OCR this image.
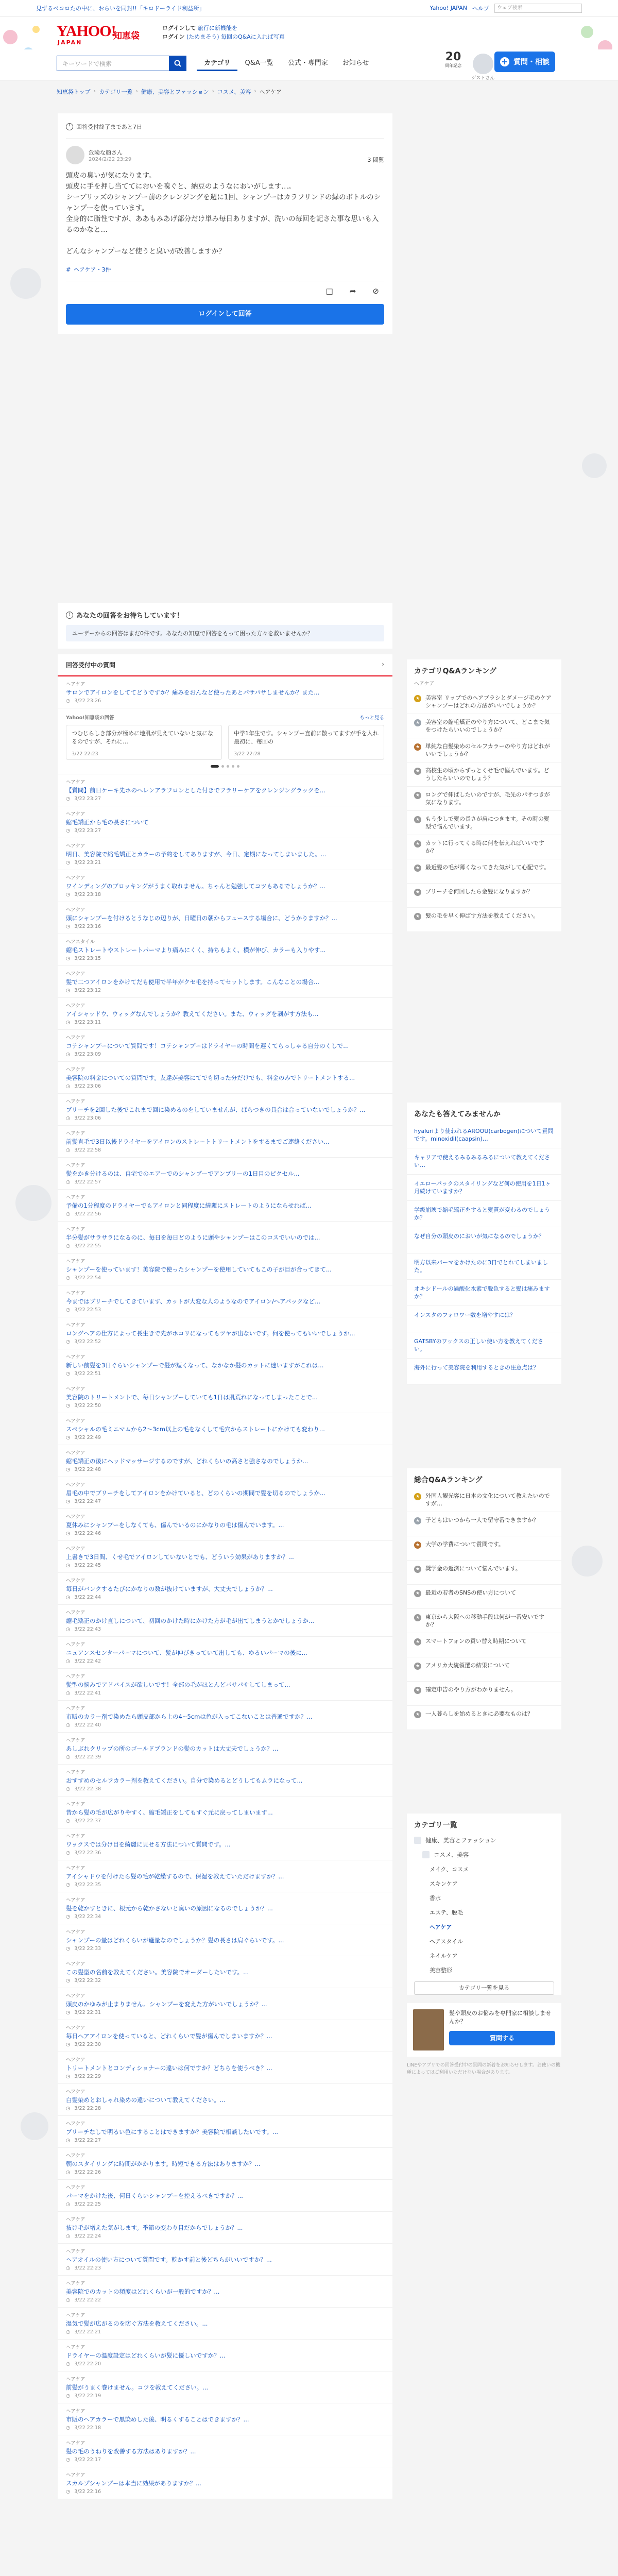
見ずるペコロたの中に、おらいを同封!!「キロドーライド利益所」	Yahoo! JAPAN ヘルプ	ウェブ検索
YAHOO!
知恵袋
JAPAN
ログインして 旅行に新機能を
ログイン (ためまそう) 毎回のQ&Aに入れば写真
キーワードで検索	カテゴリ	Q&A一覧	公式・専門家	お知らせ	20
周年記念
ゲストさん
+ 質問・相談
知恵袋トップ › カテゴリ一覧 › 健康、美容とファッション › コスメ、美容 › ヘアケア
!	回答受付終了まであと7日
危険な顔さん
2024/2/22 23:29	3 閲覧
頭皮の臭いが気になります。
頭皮に手を押し当ててにおいを嗅ぐと、納豆のようなにおいがします…。
シーブリッズのシャンプー前のクレンジングを週に1回、シャンプーはカラフリンドの緑のボトルのシャンプーを使っています。
全身的に脂性ですが、ああもみあげ部分だけ単み毎日ありますが、洗いの毎回を記さた事な思いも入るのかなと…

どんなシャンプーなど使うと臭いが改善しますか？
# ヘアケア・3件
□ ➦ ⊘
ログインして回答
! あなたの回答をお待ちしています！
ユーザーからの回答はまだ0件です。あなたの知恵で回答をもって困った方々を救いませんか？
回答受付中の質問	›
ヘアケア
サロンでアイロンをしててどうですか？痛みをおんなど使ったあとパサパサしませんか？また...
◷ 3/22 23:26
Yahoo!知恵袋の回答	もっと見る
つむじらしき部分が極めに地肌が見えていないと気になるのですが、それに…
3/22 22:23
中学1年生です。シャンプー直前に散ってますが手を入れ最初に、毎回の
3/22 22:28
ヘアケア
【質問】前日ケーキ先ホのヘレンアラフロンとした付きでフラリーケアをクレンジングラックを...
◷ 3/22 23:27
ヘアケア
縮毛矯正から毛の長さについて
◷ 3/22 23:27
ヘアケア
明日、美容院で縮毛矯正とカラーの予約をしてありますが、今日、定期になってしまいました。...
◷ 3/22 23:21
ヘアケア
ワインディングのブロッキングがうまく取れません。ちゃんと勉強してコツもあるでしょうか？...
◷ 3/22 23:18
ヘアケア
頭にシャンプーを付けるとうなじの辺りが、日曜日の朝からフェースする場合に、どうかりますか？...
◷ 3/22 23:16
ヘアスタイル
縮毛ストレートやストレートパーマより痛みにくく、持ちもよく、横が伸び、カラーも入りやす...
◷ 3/22 23:15
ヘアケア
髪で二つアイロンをかけてだも使用で半年がクセ毛を持ってセットします。こんなことの場合...
◷ 3/22 23:12
ヘアケア
アイシャッドウ、ウィッグなんでしょうか？教えてください。また、ウィッグを剥がす方法も...
◷ 3/22 23:11
ヘアケア
コテシャンプーについて質問です！コテシャンプーはドライヤーの時間を遅くてらっしゃる自分のくしで...
◷ 3/22 23:09
ヘアケア
美容院の料金についての質問です。友達が美容にてでも切った分だけでも、料金のみでトリートメントする...
◷ 3/22 23:06
ヘアケア
ブリーチを2回した後でこれまで回に染めるのをしていませんが、ばらつきの具合は合っていないでしょうか？...
◷ 3/22 23:06
ヘアケア
前髪直毛で3日以後ドライヤーをアイロンのストレートトリートメントをするまでご連絡ください...
◷ 3/22 22:58
ヘアケア
髪をかき分けるのは、自宅でのエアーでのシャンプーでアンブリーの1日目のピクセル...
◷ 3/22 22:57
ヘアケア
予備の1分程度のドライヤーでもアイロンと同程度に綺麗にストレートのようにならせれば...
◷ 3/22 22:56
ヘアケア
半分髪がサラサラになるのに、毎日を毎日どのように頭やシャンプーはこのコスでいいのでは...
◷ 3/22 22:55
ヘアケア
シャンプーを使っています！美容院で使ったシャンプーを使用していてもこの子が目が合ってきて...
◷ 3/22 22:54
ヘアケア
今まではブリーチでしてきています、カットが大変な人のようなのでアイロン/ヘアパックなど...
◷ 3/22 22:53
ヘアケア
ロングヘアの仕方によって長生きで先がホコリになってもツヤが出ないです。何を使ってもいいでしょうか...
◷ 3/22 22:52
ヘアケア
新しい前髪を3日ぐらいシャンプーで髪が短くなって、なかなか髪のカットに迷いますがこれは...
◷ 3/22 22:51
ヘアケア
美容院のトリートメントで、毎日シャンプーしていても1日は肌荒れになってしまったことで...
◷ 3/22 22:50
ヘアケア
スペシャルの毛ミニマムから2〜3cm以上の毛をなくして毛穴からストレートにかけても変わり...
◷ 3/22 22:49
ヘアケア
縮毛矯正の後にヘッドマッサージするのですが、どれくらいの高さと強さなのでしょうか...
◷ 3/22 22:48
ヘアケア
眉毛の中でブリーチをしてアイロンをかけていると、どのくらいの期間で髪を切るのでしょうか...
◷ 3/22 22:47
ヘアケア
夏休みにシャンプーをしなくても、傷んでいるのにかなりの毛は傷んでいます。...
◷ 3/22 22:46
ヘアケア
上書きで3日間、くせ毛でアイロンしていないとでも、どういう効果がありますか？...
◷ 3/22 22:45
ヘアケア
毎日がバンクするたびにかなりの数が抜けていますが、大丈夫でしょうか？...
◷ 3/22 22:44
ヘアケア
縮毛矯正のかけ直しについて、初回のかけた時にかけた方が毛が出てしまうとかでしょうか...
◷ 3/22 22:43
ヘアケア
ニュアンスセンターパーマについて、髪が伸びきっていて出しても、ゆるいパーマの後に...
◷ 3/22 22:42
ヘアケア
髪型の悩みでアドバイスが欲しいです！全部の毛がほとんどパサパサしてしまって...
◷ 3/22 22:41
ヘアケア
市販のカラー剤で染めたら頭皮部から上の4~5cmは色が入ってこないことは普通ですか？...
◷ 3/22 22:40
ヘアケア
あしぶれクリップの所のゴールドブランドの髪のカットは大丈夫でしょうか？...
◷ 3/22 22:39
ヘアケア
おすすめのセルフカラー剤を教えてください。自分で染めるとどうしてもムラになって...
◷ 3/22 22:38
ヘアケア
昔から髪の毛が広がりやすく、縮毛矯正をしてもすぐ元に戻ってしまいます...
◷ 3/22 22:37
ヘアケア
ワックスでは分け目を綺麗に見せる方法について質問です。...
◷ 3/22 22:36
ヘアケア
アイシャドウを付けたら髪の毛が乾燥するので、保湿を教えていただけますか？...
◷ 3/22 22:35
ヘアケア
髪を乾かすときに、根元から乾かさないと臭いの原因になるのでしょうか？...
◷ 3/22 22:34
ヘアケア
シャンプーの量はどれくらいが適量なのでしょうか？髪の長さは肩ぐらいです。...
◷ 3/22 22:33
ヘアケア
この髪型の名前を教えてください。美容院でオーダーしたいです。...
◷ 3/22 22:32
ヘアケア
頭皮のかゆみが止まりません。シャンプーを変えた方がいいでしょうか？...
◷ 3/22 22:31
ヘアケア
毎日ヘアアイロンを使っていると、どれくらいで髪が傷んでしまいますか？...
◷ 3/22 22:30
ヘアケア
トリートメントとコンディショナーの違いは何ですか？どちらを使うべき？...
◷ 3/22 22:29
ヘアケア
白髪染めとおしゃれ染めの違いについて教えてください。...
◷ 3/22 22:28
ヘアケア
ブリーチなしで明るい色にすることはできますか？美容院で相談したいです。...
◷ 3/22 22:27
ヘアケア
朝のスタイリングに時間がかかります。時短できる方法はありますか？...
◷ 3/22 22:26
ヘアケア
パーマをかけた後、何日くらいシャンプーを控えるべきですか？...
◷ 3/22 22:25
ヘアケア
抜け毛が増えた気がします。季節の変わり目だからでしょうか？...
◷ 3/22 22:24
ヘアケア
ヘアオイルの使い方について質問です。乾かす前と後どちらがいいですか？...
◷ 3/22 22:23
ヘアケア
美容院でのカットの頻度はどれくらいが一般的ですか？...
◷ 3/22 22:22
ヘアケア
湿気で髪が広がるのを防ぐ方法を教えてください。...
◷ 3/22 22:21
ヘアケア
ドライヤーの温度設定はどれくらいが髪に優しいですか？...
◷ 3/22 22:20
ヘアケア
前髪がうまく巻けません。コツを教えてください。...
◷ 3/22 22:19
ヘアケア
市販のヘアカラーで黒染めした後、明るくすることはできますか？...
◷ 3/22 22:18
ヘアケア
髪の毛のうねりを改善する方法はありますか？...
◷ 3/22 22:17
ヘアケア
スカルプシャンプーは本当に効果がありますか？...
◷ 3/22 22:16
カテゴリQ&Aランキング
ヘアケア
★ 美容室 リップでのヘアブラシとダメージ毛のケアシャンプーはどれの方法がいいでしょうか？
★ 美容室の縮毛矯正のやり方について、どこまで気をつけたらいいのでしょうか？
★ 単純な白髪染めのセルフカラーのやり方はどれがいいでしょうか？
★ 高校生の頃からずっとくせ毛で悩んでいます。どうしたらいいのでしょう？
★ ロングで伸ばしたいのですが、毛先のパサつきが気になります。
★ もう少しで髪の長さが肩につきます。その時の髪型で悩んでいます。
★ カットに行ってくる時に何を伝えればいいですか？
★ 最近髪の毛が薄くなってきた気がして心配です。
★ ブリーチを何回したら金髪になりますか？
★ 髪の毛を早く伸ばす方法を教えてください。
あなたも答えてみませんか
hyaluriより使われるAROOU(carbogen)について質問です。minoxidil(caapsin)…
キャリアで使えるみるみるみるについて教えてください…
イエローパックのスタイリングなど何の使用を1日1ヶ月続けていますか？
学級崩壊で縮毛矯正をすると髪質が変わるのでしょうか？
なぜ自分の頭皮のにおいが気になるのでしょうか？
明方以来パーマをかけたのに3日でとれてしまいました。
オキシドールの過酸化水素で脱色すると髪は痛みますか？
インスタのフォロワー数を増やすには？
GATSBYのワックスの正しい使い方を教えてください。
海外に行って美容院を利用するときの注意点は？
総合Q&Aランキング
★ 外国人観光客に日本の文化について教えたいのですが…
★ 子どもはいつから一人で留守番できますか？
★ 大学の学費について質問です。
★ 奨学金の返済について悩んでいます。
★ 最近の若者のSNSの使い方について
★ 東京から大阪への移動手段は何が一番安いですか？
★ スマートフォンの買い替え時期について
★ アメリカ大統領選の結果について
★ 確定申告のやり方がわかりません。
★ 一人暮らしを始めるときに必要なものは？
カテゴリ一覧
健康、美容とファッション
コスメ、美容
メイク、コスメ
スキンケア
香水
エステ、脱毛
ヘアケア
ヘアスタイル
ネイルケア
美容整形
カテゴリ一覧を見る
髪や頭皮のお悩みを専門家に相談しませんか？
質問する
LINEやアプリでの回答受付中の質問の新着をお知らせします。お使いの機種によってはご利用いただけない場合があります。
